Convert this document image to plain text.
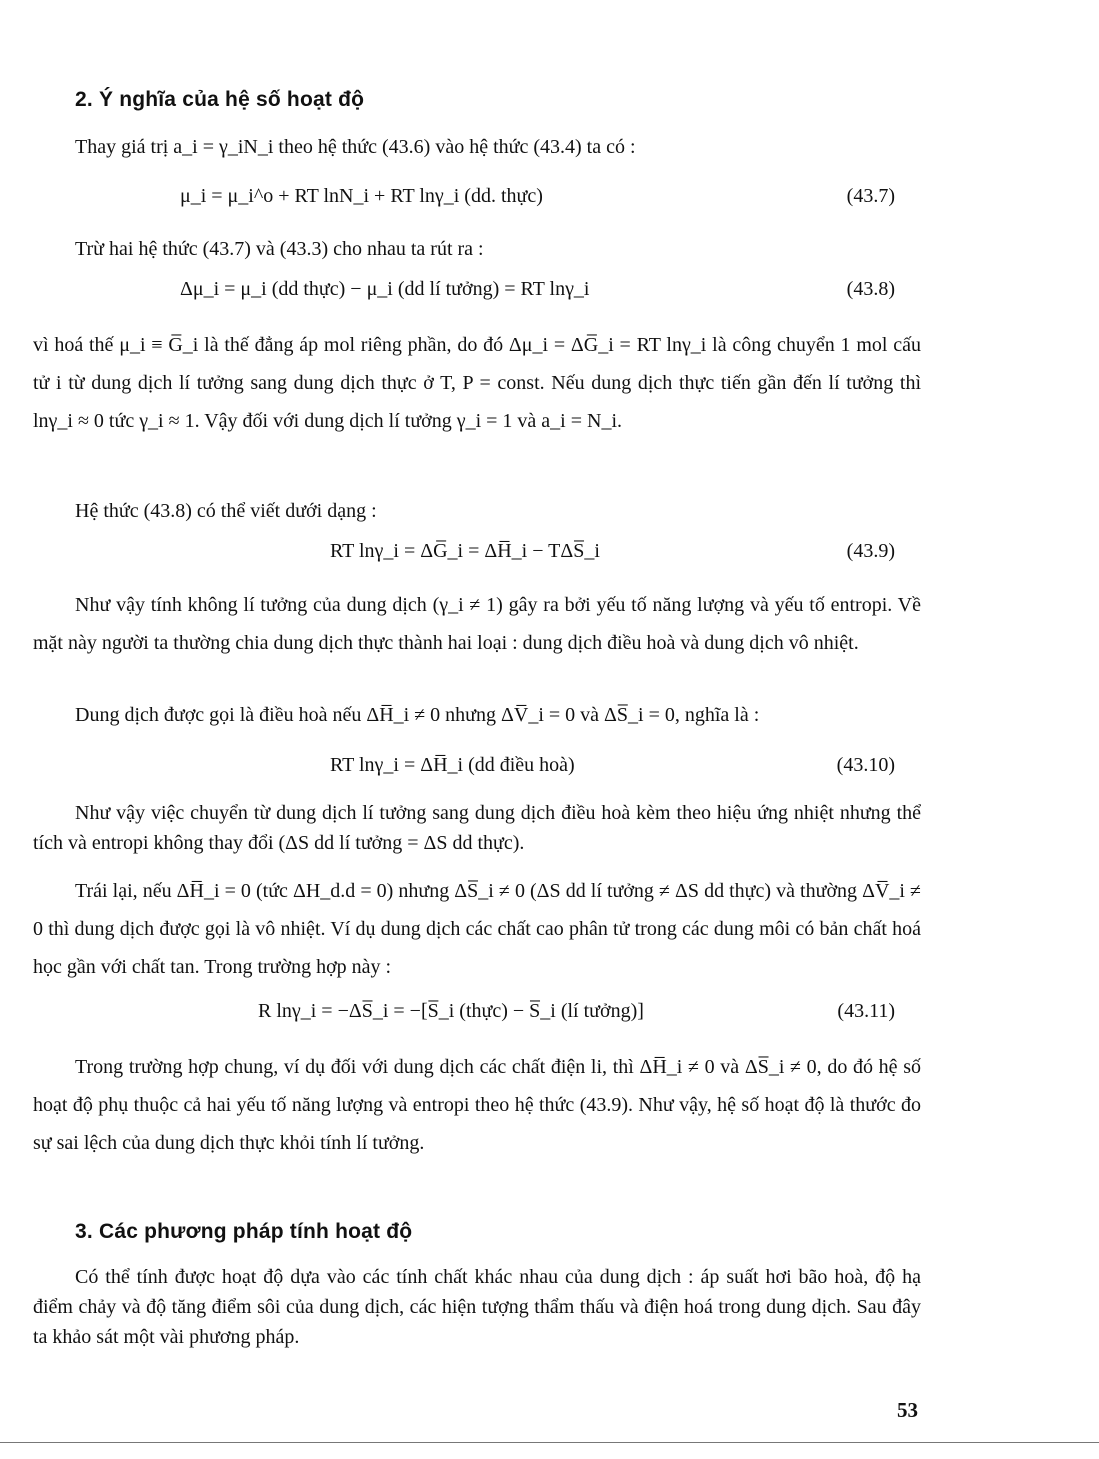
2. Ý nghĩa của hệ số hoạt độ
Thay giá trị a_i = γ_iN_i theo hệ thức (43.6) vào hệ thức (43.4) ta có :
μ_i = μ_i^o + RT lnN_i + RT lnγ_i (dd. thực)	(43.7)
Trừ hai hệ thức (43.7) và (43.3) cho nhau ta rút ra :
Δμ_i = μ_i (dd thực) − μ_i (dd lí tưởng) = RT lnγ_i	(43.8)
vì hoá thế μ_i ≡ G̅_i là thế đẳng áp mol riêng phần, do đó Δμ_i = ΔG̅_i = RT lnγ_i là công chuyển 1 mol cấu tử i từ dung dịch lí tưởng sang dung dịch thực ở T, P = const. Nếu dung dịch thực tiến gần đến lí tưởng thì lnγ_i ≈ 0 tức γ_i ≈ 1. Vậy đối với dung dịch lí tưởng γ_i = 1 và a_i = N_i.
Hệ thức (43.8) có thể viết dưới dạng :
RT lnγ_i = ΔG̅_i = ΔH̅_i − TΔS̅_i	(43.9)
Như vậy tính không lí tưởng của dung dịch (γ_i ≠ 1) gây ra bởi yếu tố năng lượng và yếu tố entropi. Về mặt này người ta thường chia dung dịch thực thành hai loại : dung dịch điều hoà và dung dịch vô nhiệt.
Dung dịch được gọi là điều hoà nếu ΔH̅_i ≠ 0 nhưng ΔV̅_i = 0 và ΔS̅_i = 0, nghĩa là :
RT lnγ_i = ΔH̅_i (dd điều hoà)	(43.10)
Như vậy việc chuyển từ dung dịch lí tưởng sang dung dịch điều hoà kèm theo hiệu ứng nhiệt nhưng thể tích và entropi không thay đổi (ΔS dd lí tưởng = ΔS dd thực).
Trái lại, nếu ΔH̅_i = 0 (tức ΔH_d.d = 0) nhưng ΔS̅_i ≠ 0 (ΔS dd lí tưởng ≠ ΔS dd thực) và thường ΔV̅_i ≠ 0 thì dung dịch được gọi là vô nhiệt. Ví dụ dung dịch các chất cao phân tử trong các dung môi có bản chất hoá học gần với chất tan. Trong trường hợp này :
R lnγ_i = −ΔS̅_i = −[S̅_i (thực) − S̅_i (lí tưởng)]	(43.11)
Trong trường hợp chung, ví dụ đối với dung dịch các chất điện li, thì ΔH̅_i ≠ 0 và ΔS̅_i ≠ 0, do đó hệ số hoạt độ phụ thuộc cả hai yếu tố năng lượng và entropi theo hệ thức (43.9). Như vậy, hệ số hoạt độ là thước đo sự sai lệch của dung dịch thực khỏi tính lí tưởng.
3. Các phương pháp tính hoạt độ
Có thể tính được hoạt độ dựa vào các tính chất khác nhau của dung dịch : áp suất hơi bão hoà, độ hạ điểm chảy và độ tăng điểm sôi của dung dịch, các hiện tượng thẩm thấu và điện hoá trong dung dịch. Sau đây ta khảo sát một vài phương pháp.
53
